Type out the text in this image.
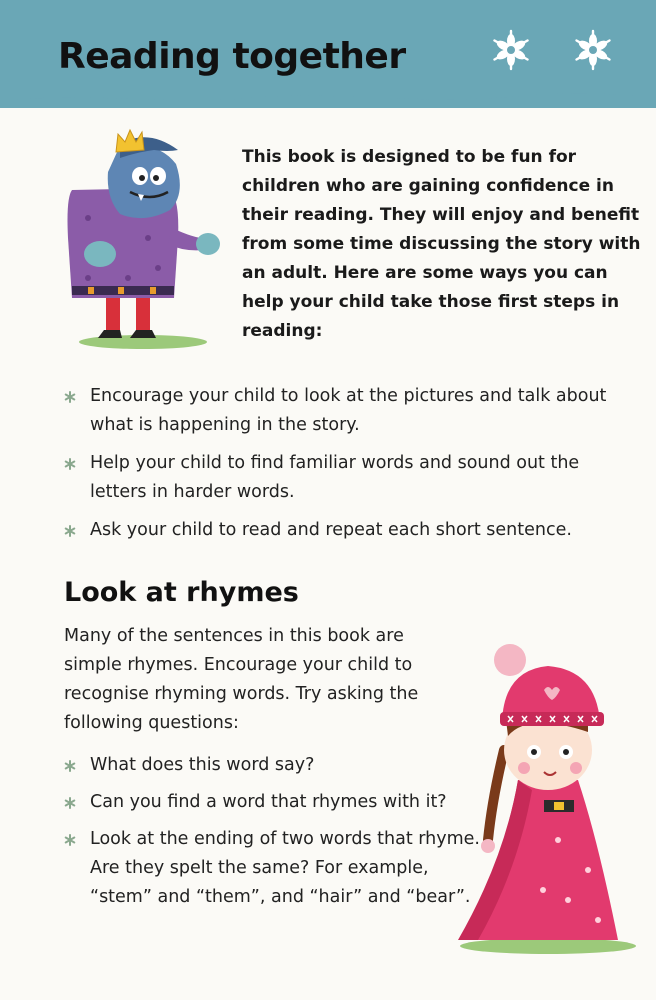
Reading together

This book is designed to be fun for children who are gaining confidence in their reading. They will enjoy and benefit from some time discussing the story with an adult. Here are some ways you can help your child take those first steps in reading:

Encourage your child to look at the pictures and talk about what is happening in the story.
Help your child to find familiar words and sound out the letters in harder words.
Ask your child to read and repeat each short sentence.
Look at rhymes

Many of the sentences in this book are simple rhymes. Encourage your child to recognise rhyming words. Try asking the following questions:

What does this word say?
Can you find a word that rhymes with it?
Look at the ending of two words that rhyme. Are they spelt the same? For example, “stem” and “them”, and “hair” and “bear”.
